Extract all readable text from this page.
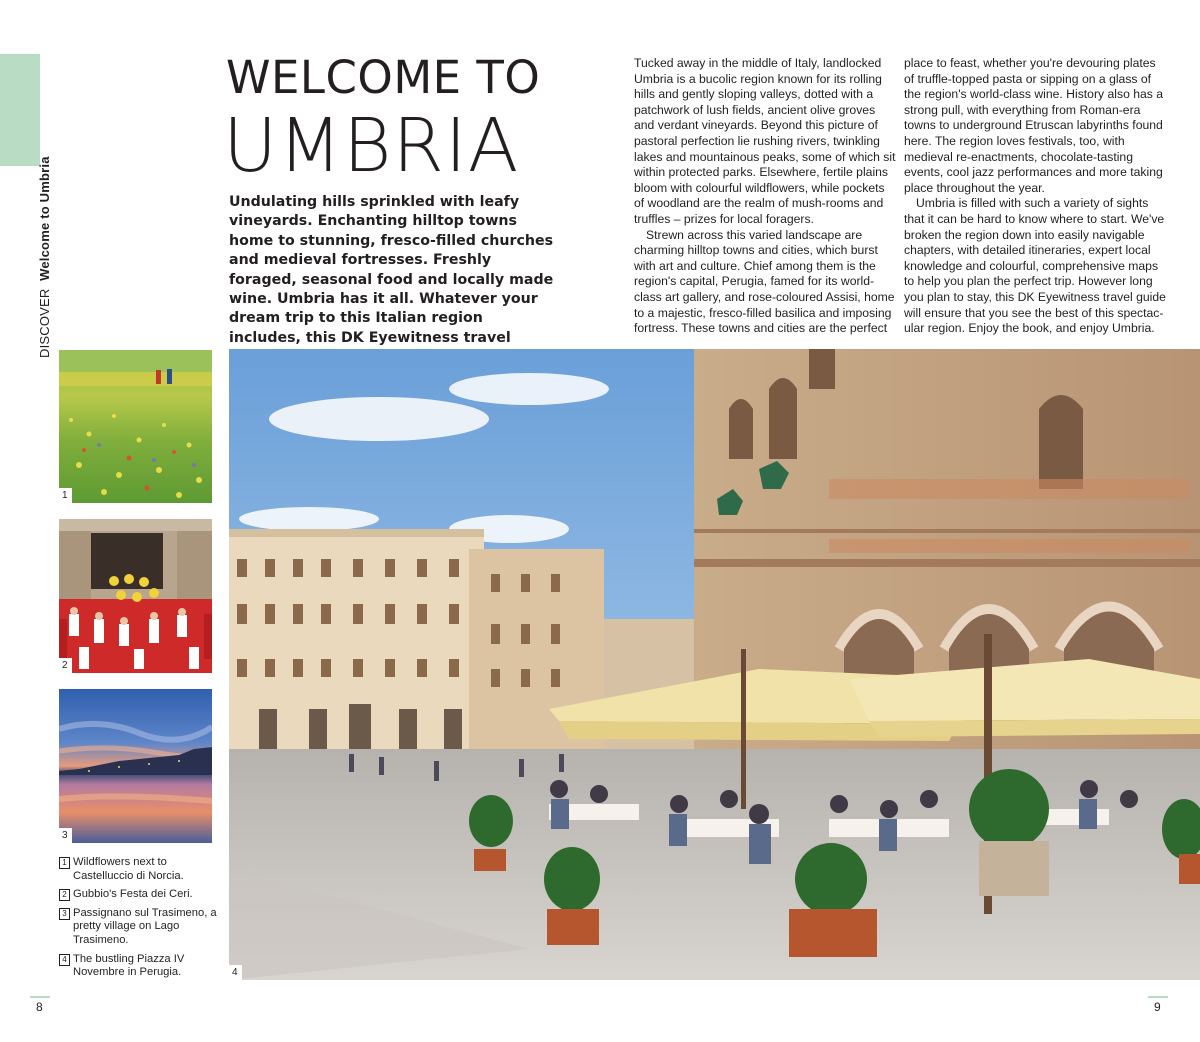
DISCOVER  Welcome to Umbria
WELCOME TO
UMBRIA

Undulating hills sprinkled with leafy vineyards. Enchanting hilltop towns home to stunning, fresco-filled churches and medieval fortresses. Freshly foraged, seasonal food and locally made wine. Umbria has it all. Whatever your dream trip to this Italian region includes, this DK Eyewitness travel

Tucked away in the middle of Italy, landlocked Umbria is a bucolic region known for its rolling hills and gently sloping valleys, dotted with a patchwork of lush fields, ancient olive groves and verdant vineyards. Beyond this picture of pastoral perfection lie rushing rivers, twinkling lakes and mountainous peaks, some of which sit within protected parks. Elsewhere, fertile plains bloom with colourful wildflowers, while pockets of woodland are the realm of mush-rooms and truffles – prizes for local foragers.

Strewn across this varied landscape are charming hilltop towns and cities, which burst with art and culture. Chief among them is the region's capital, Perugia, famed for its world-class art gallery, and rose-coloured Assisi, home to a majestic, fresco-filled basilica and imposing fortress. These towns and cities are the perfect

place to feast, whether you're devouring plates of truffle-topped pasta or sipping on a glass of the region's world-class wine. History also has a strong pull, with everything from Roman-era towns to underground Etruscan labyrinths found here. The region loves festivals, too, with medieval re-enactments, chocolate-tasting events, cool jazz performances and more taking place throughout the year.

Umbria is filled with such a variety of sights that it can be hard to know where to start. We've broken the region down into easily navigable chapters, with detailed itineraries, expert local knowledge and colourful, comprehensive maps to help you plan the perfect trip. However long you plan to stay, this DK Eyewitness travel guide will ensure that you see the best of this spectac-ular region. Enjoy the book, and enjoy Umbria.

1
2
3
4
1 Wildflowers next to Castelluccio di Norcia.
2 Gubbio's Festa dei Ceri.
3 Passignano sul Trasimeno, a pretty village on Lago Trasimeno.
4 The bustling Piazza IV Novembre in Perugia.
8	9
